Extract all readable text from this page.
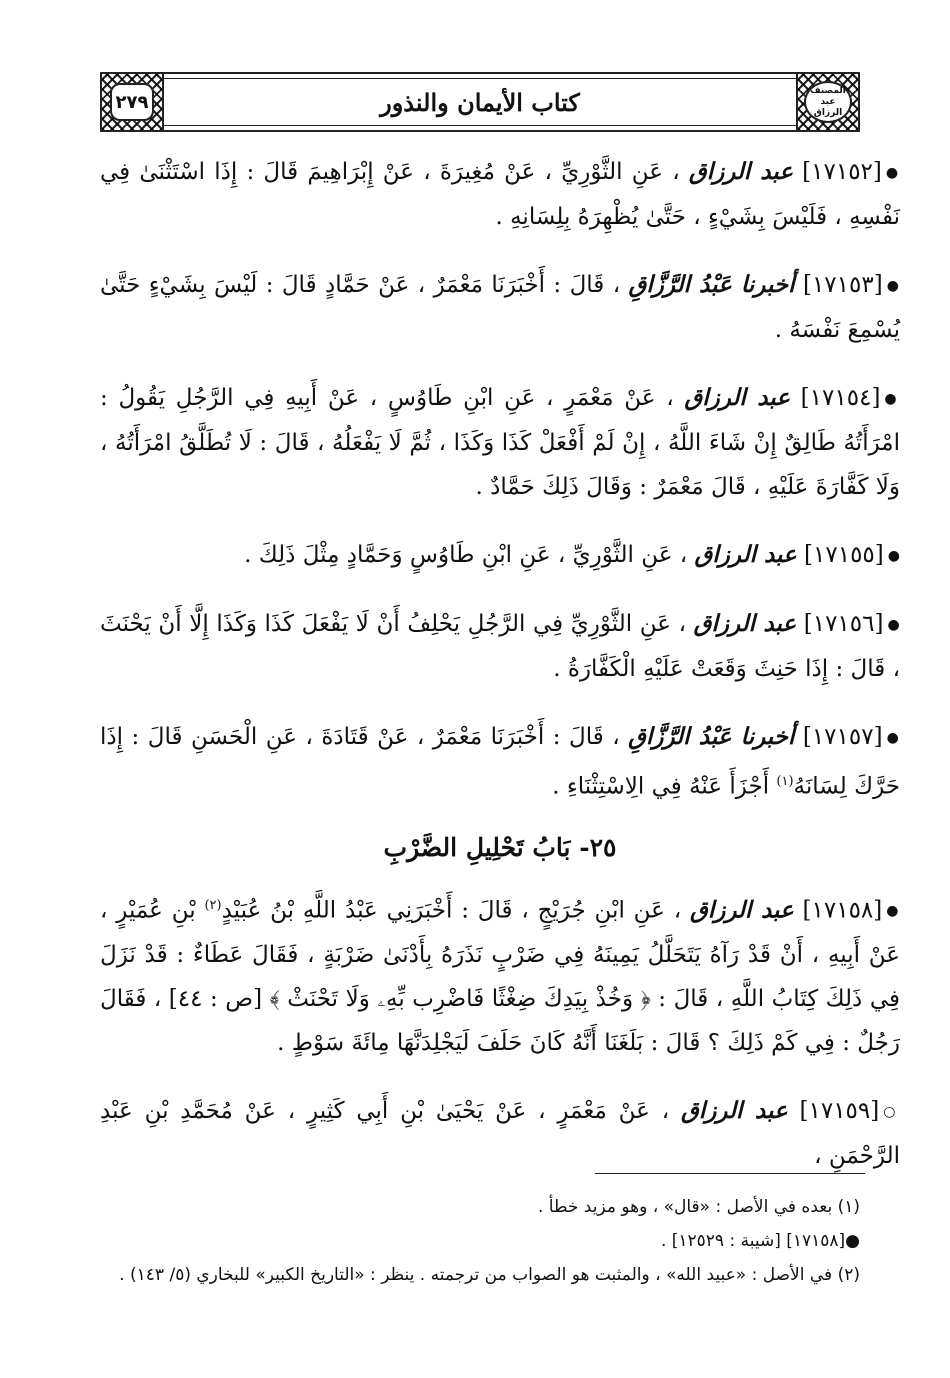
٢٧٩	كتاب الأيمان والنذور	المصنف عبد الرزاق

●[١٧١٥٢] عبد الرزاق ، عَنِ الثَّوْرِيِّ ، عَنْ مُغِيرَةَ ، عَنْ إِبْرَاهِيمَ قَالَ : إِذَا اسْتَثْنَىٰ فِي نَفْسِهِ ، فَلَيْسَ بِشَيْءٍ ، حَتَّىٰ يُظْهِرَهُ بِلِسَانِهِ .

●[١٧١٥٣] أخبرنا عَبْدُ الرَّزَّاقِ ، قَالَ : أَخْبَرَنَا مَعْمَرٌ ، عَنْ حَمَّادٍ قَالَ : لَيْسَ بِشَيْءٍ حَتَّىٰ يُسْمِعَ نَفْسَهُ .

●[١٧١٥٤] عبد الرزاق ، عَنْ مَعْمَرٍ ، عَنِ ابْنِ طَاوُسٍ ، عَنْ أَبِيهِ فِي الرَّجُلِ يَقُولُ : امْرَأَتُهُ طَالِقٌ إِنْ شَاءَ اللَّهُ ، إِنْ لَمْ أَفْعَلْ كَذَا وَكَذَا ، ثُمَّ لَا يَفْعَلُهُ ، قَالَ : لَا تُطَلَّقُ امْرَأَتُهُ ، وَلَا كَفَّارَةَ عَلَيْهِ ، قَالَ مَعْمَرٌ : وَقَالَ ذَلِكَ حَمَّادٌ .

●[١٧١٥٥] عبد الرزاق ، عَنِ الثَّوْرِيِّ ، عَنِ ابْنِ طَاوُسٍ وَحَمَّادٍ مِثْلَ ذَلِكَ .

●[١٧١٥٦] عبد الرزاق ، عَنِ الثَّوْرِيِّ فِي الرَّجُلِ يَحْلِفُ أَنْ لَا يَفْعَلَ كَذَا وَكَذَا إِلَّا أَنْ يَحْنَثَ ، قَالَ : إِذَا حَنِثَ وَقَعَتْ عَلَيْهِ الْكَفَّارَةُ .

●[١٧١٥٧] أخبرنا عَبْدُ الرَّزَّاقِ ، قَالَ : أَخْبَرَنَا مَعْمَرٌ ، عَنْ قَتَادَةَ ، عَنِ الْحَسَنِ قَالَ : إِذَا حَرَّكَ لِسَانَهُ$^{(١)}$ أَجْزَأَ عَنْهُ فِي الِاسْتِثْنَاءِ .

٢٥- بَابُ تَحْلِيلِ الضَّرْبِ

●[١٧١٥٨] عبد الرزاق ، عَنِ ابْنِ جُرَيْجٍ ، قَالَ : أَخْبَرَنِي عَبْدُ اللَّهِ بْنُ عُبَيْدٍ$^{(٢)}$ بْنِ عُمَيْرٍ ، عَنْ أَبِيهِ ، أَنْ قَدْ رَآهُ يَتَحَلَّلُ يَمِينَهُ فِي ضَرْبٍ نَذَرَهُ بِأَدْنَىٰ ضَرْبَةٍ ، فَقَالَ عَطَاءٌ : قَدْ نَزَلَ فِي ذَلِكَ كِتَابُ اللَّهِ ، قَالَ : ﴿ وَخُذْ بِيَدِكَ ضِغْثًا فَاضْرِب بِّهِۦ وَلَا تَحْنَثْ ﴾ [ص : ٤٤] ، فَقَالَ رَجُلٌ : فِي كَمْ ذَلِكَ ؟ قَالَ : بَلَغَنَا أَنَّهُ كَانَ حَلَفَ لَيَجْلِدَنَّهَا مِائَةَ سَوْطٍ .

○[١٧١٥٩] عبد الرزاق ، عَنْ مَعْمَرٍ ، عَنْ يَحْيَىٰ بْنِ أَبِي كَثِيرٍ ، عَنْ مُحَمَّدِ بْنِ عَبْدِ الرَّحْمَنِ ،

(١) بعده في الأصل : «قال» ، وهو مزيد خطأ .

●[١٧١٥٨] [شيبة : ١٢٥٢٩] .

(٢) في الأصل : «عبيد الله» ، والمثبت هو الصواب من ترجمته . ينظر : «التاريخ الكبير» للبخاري (٥/ ١٤٣) .
